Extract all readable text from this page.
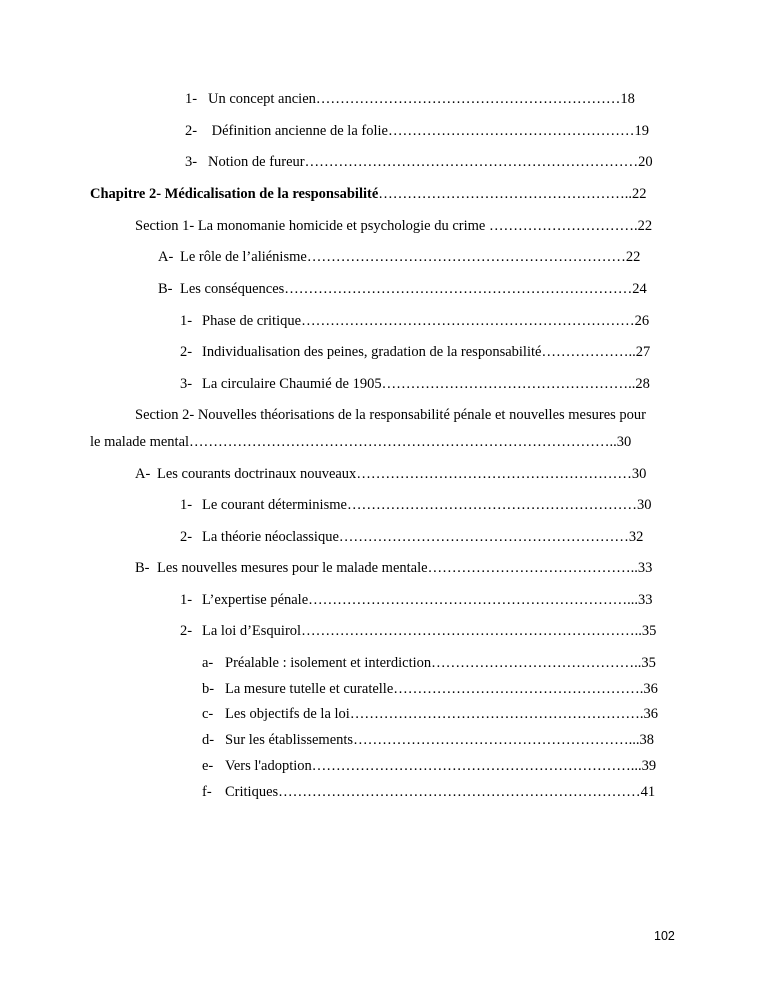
1- Un concept ancien………………………………………………………18
2- Définition ancienne de la folie……………………………………………19
3- Notion de fureur……………………………………………………………20
Chapitre 2- Médicalisation de la responsabilité……………………………………………..22
Section 1- La monomanie homicide et psychologie du crime ………………………….22
A- Le rôle de l’aliénisme…………………………………………………………22
B- Les conséquences………………………………………………………………24
1- Phase de critique……………………………………………………………26
2- Individualisation des peines, gradation de la responsabilité………………..27
3- La circulaire Chaumié de 1905……………………………………………..28
Section 2- Nouvelles théorisations de la responsabilité pénale et nouvelles mesures pour
le malade mental……………………………………………………………………………..30
A- Les courants doctrinaux nouveaux…………………………………………………30
1- Le courant déterminisme……………………………………………………30
2- La théorie néoclassique……………………………………………………32
B- Les nouvelles mesures pour le malade mentale……………………………………..33
1- L’expertise pénale…………………………………………………………...33
2- La loi d’Esquirol……………………………………………………………..35
a- Préalable : isolement et interdiction……………………………………..35
b- La mesure tutelle et curatelle…………………………………………….36
c- Les objectifs de la loi…………………………………………………….36
d- Sur les établissements…………………………………………………...38
e- Vers l'adoption…………………………………………………………...39
f- Critiques…………………………………………………………………41
102
